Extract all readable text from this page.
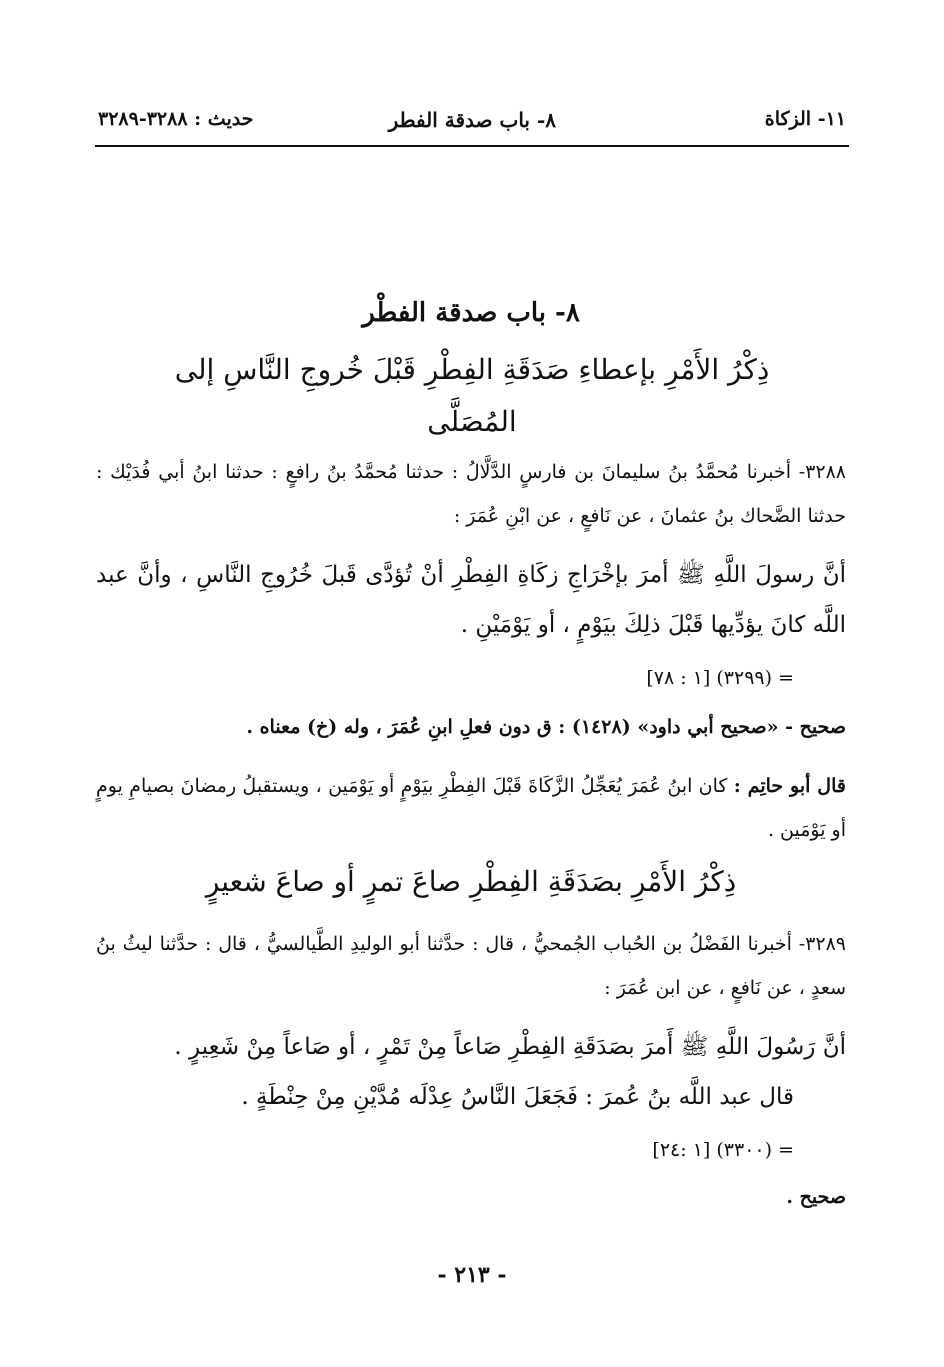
١١- الزكاة
٨- باب صدقة الفطر
حديث : ٣٢٨٨-٣٢٨٩
٨- باب صدقة الفطْر
ذِكْرُ الأَمْرِ بإعطاءِ صَدَقَةِ الفِطْرِ قَبْلَ خُروجِ النَّاسِ إلى المُصَلَّى
٣٢٨٨- أخبرنا مُحمَّدُ بنُ سليمانَ بن فارسٍ الدَّلَّالُ : حدثنا مُحمَّدُ بنُ رافعٍ : حدثنا ابنُ أبي فُدَيْك : حدثنا الضَّحاك بنُ عثمانَ ، عن نَافعٍ ، عن ابْنِ عُمَرَ :
أنَّ رسولَ اللَّهِ ﷺ أمرَ بإخْرَاجِ زكَاةِ الفِطْرِ أنْ تُؤدَّى قَبلَ خُرُوجِ النَّاسِ ، وأنَّ عبد اللَّه كانَ يؤدِّيها قَبْلَ ذلِكَ بيَوْمٍ ، أو يَوْمَيْنِ .
= (٣٢٩٩) [١ : ٧٨]
صحيح - «صحيح أبي داود» (١٤٢٨) : ق دون فعلِ ابنِ عُمَرَ ، وله (خ) معناه .
قال أبو حاتِم : كان ابنُ عُمَرَ يُعَجِّلُ الزَّكَاةَ قَبْلَ الفِطْرِ بيَوْمٍ أو يَوْمَين ، ويستقبلُ رمضانَ بصيامِ يومٍ أو يَوْمَين .
ذِكْرُ الأَمْرِ بصَدَقَةِ الفِطْرِ صاعَ تمرٍ أو صاعَ شعيرٍ
٣٢٨٩- أخبرنا الفَضْلُ بن الحُباب الجُمحيُّ ، قال : حدَّثنا أبو الوليدِ الطَّيالسيُّ ، قال : حدَّثنا ليثُ بنُ سعدٍ ، عن نَافعٍ ، عن ابن عُمَرَ :
أنَّ رَسُولَ اللَّهِ ﷺ أَمرَ بصَدَقَةِ الفِطْرِ صَاعاً مِنْ تَمْرٍ ، أو صَاعاً مِنْ شَعِيرٍ .
قال عبد اللَّه بنُ عُمرَ : فَجَعَلَ النَّاسُ عِدْلَه مُدَّيْنِ مِنْ حِنْطَةٍ .
= (٣٣٠٠) [١ :٢٤]
صحيح .
- ٢١٣ -
